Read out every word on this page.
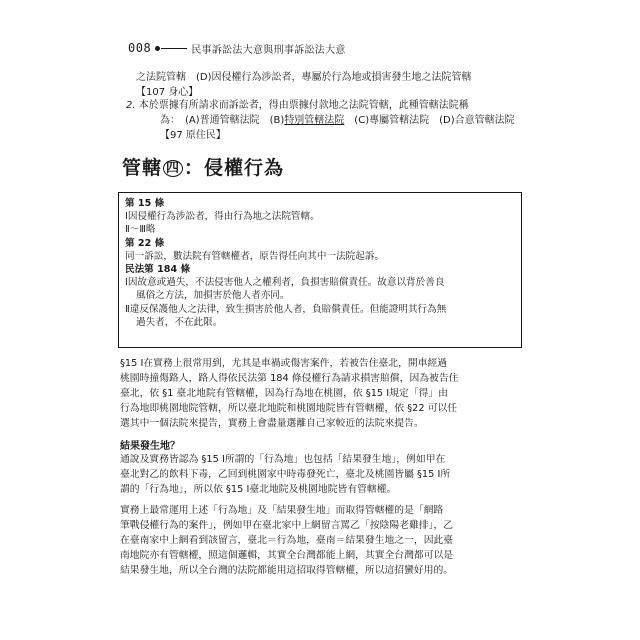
008	民事訴訟法大意與刑事訴訟法大意
之法院管轄　(D)因侵權行為涉訟者，專屬於行為地或損害發生地之法院管轄
【107 身心】
2. 本於票據有所請求而訴訟者，得由票據付款地之法院管轄，此種管轄法院稱
為：　(A)普通管轄法院　(B)特別管轄法院　(C)專屬管轄法院　(D)合意管轄法院
【97 原住民】
管轄 四 ：侵權行為
第 15 條
Ⅰ因侵權行為涉訟者，得由行為地之法院管轄。
Ⅱ～Ⅲ略
第 22 條
同一訴訟，數法院有管轄權者，原告得任向其中一法院起訴。
民法第 184 條
Ⅰ因故意或過失，不法侵害他人之權利者，負損害賠償責任。故意以背於善良
風俗之方法，加損害於他人者亦同。
Ⅱ違反保護他人之法律，致生損害於他人者，負賠償責任。但能證明其行為無
過失者，不在此限。
§15 Ⅰ在實務上很常用到，尤其是車禍或傷害案件，若被告住臺北，開車經過
桃園時撞傷路人，路人得依民法第 184 條侵權行為請求損害賠償，因為被告住
臺北，依 §1 臺北地院有管轄權，因為行為地在桃園，依 §15 Ⅰ規定「得」由
行為地即桃園地院管轄，所以臺北地院和桃園地院皆有管轄權，依 §22 可以任
選其中一個法院來提告，實務上會盡量選離自己家較近的法院來提告。
結果發生地？
通說及實務皆認為 §15 Ⅰ所謂的「行為地」也包括「結果發生地」，例如甲在
臺北對乙的飲料下毒，乙回到桃園家中時毒發死亡，臺北及桃園皆屬 §15 Ⅰ所
謂的「行為地」，所以依 §15 Ⅰ臺北地院及桃園地院皆有管轄權。
實務上最常運用上述「行為地」及「結果發生地」而取得管轄權的是「網路
筆戰侵權行為的案件」，例如甲在臺北家中上網留言罵乙「按陰陽老雞排」，乙
在臺南家中上網看到該留言，臺北＝行為地，臺南＝結果發生地之一，因此臺
南地院亦有管轄權，照這個邏輯，其實全台灣都能上網，其實全台灣都可以是
結果發生地，所以全台灣的法院都能用這招取得管轄權，所以這招蠻好用的。
